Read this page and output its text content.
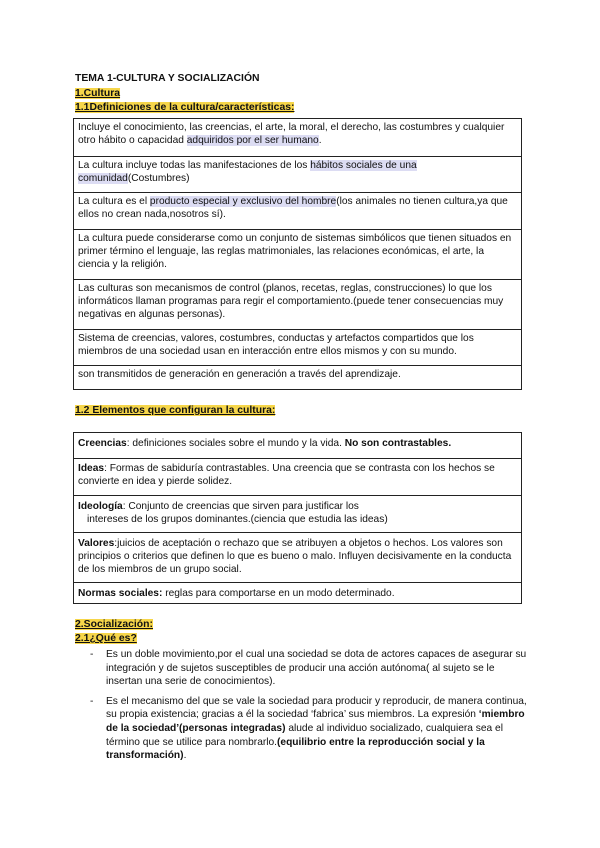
TEMA 1-CULTURA Y SOCIALIZACIÓN
1.Cultura
1.1Definiciones de la cultura/características:
Incluye el conocimiento, las creencias, el arte, la moral, el derecho, las costumbres y cualquier otro hábito o capacidad adquiridos por el ser humano.
La cultura incluye todas las manifestaciones de los hábitos sociales de una comunidad(Costumbres)
La cultura es el producto especial y exclusivo del hombre(los animales no tienen cultura,ya que ellos no crean nada,nosotros sí).
La cultura puede considerarse como un conjunto de sistemas simbólicos que tienen situados en primer término el lenguaje, las reglas matrimoniales, las relaciones económicas, el arte, la ciencia y la religión.
Las culturas son mecanismos de control (planos, recetas, reglas, construcciones) lo que los informáticos llaman programas para regir el comportamiento.(puede tener consecuencias muy negativas en algunas personas).
Sistema de creencias, valores, costumbres, conductas y artefactos compartidos que los miembros de una sociedad usan en interacción entre ellos mismos y con su mundo.
son transmitidos de generación en generación a través del aprendizaje.
1.2 Elementos que configuran la cultura:
Creencias: definiciones sociales sobre el mundo y la vida. No son contrastables.
Ideas: Formas de sabiduría contrastables. Una creencia que se contrasta con los hechos se convierte en idea y pierde solidez.
Ideología: Conjunto de creencias que sirven para justificar los
intereses de los grupos dominantes.(ciencia que estudia las ideas)
Valores:juicios de aceptación o rechazo que se atribuyen a objetos o hechos. Los valores son principios o criterios que definen lo que es bueno o malo. Influyen decisivamente en la conducta de los miembros de un grupo social.
Normas sociales: reglas para comportarse en un modo determinado.
2.Socialización:
2.1¿Qué es?
- Es un doble movimiento,por el cual una sociedad se dota de actores capaces de asegurar su integración y de sujetos susceptibles de producir una acción autónoma( al sujeto se le insertan una serie de conocimientos).
- Es el mecanismo del que se vale la sociedad para producir y reproducir, de manera continua, su propia existencia; gracias a él la sociedad ‘fabrica’ sus miembros. La expresión ‘miembro de la sociedad’(personas integradas) alude al individuo socializado, cualquiera sea el término que se utilice para nombrarlo.(equilibrio entre la reproducción social y la transformación).
